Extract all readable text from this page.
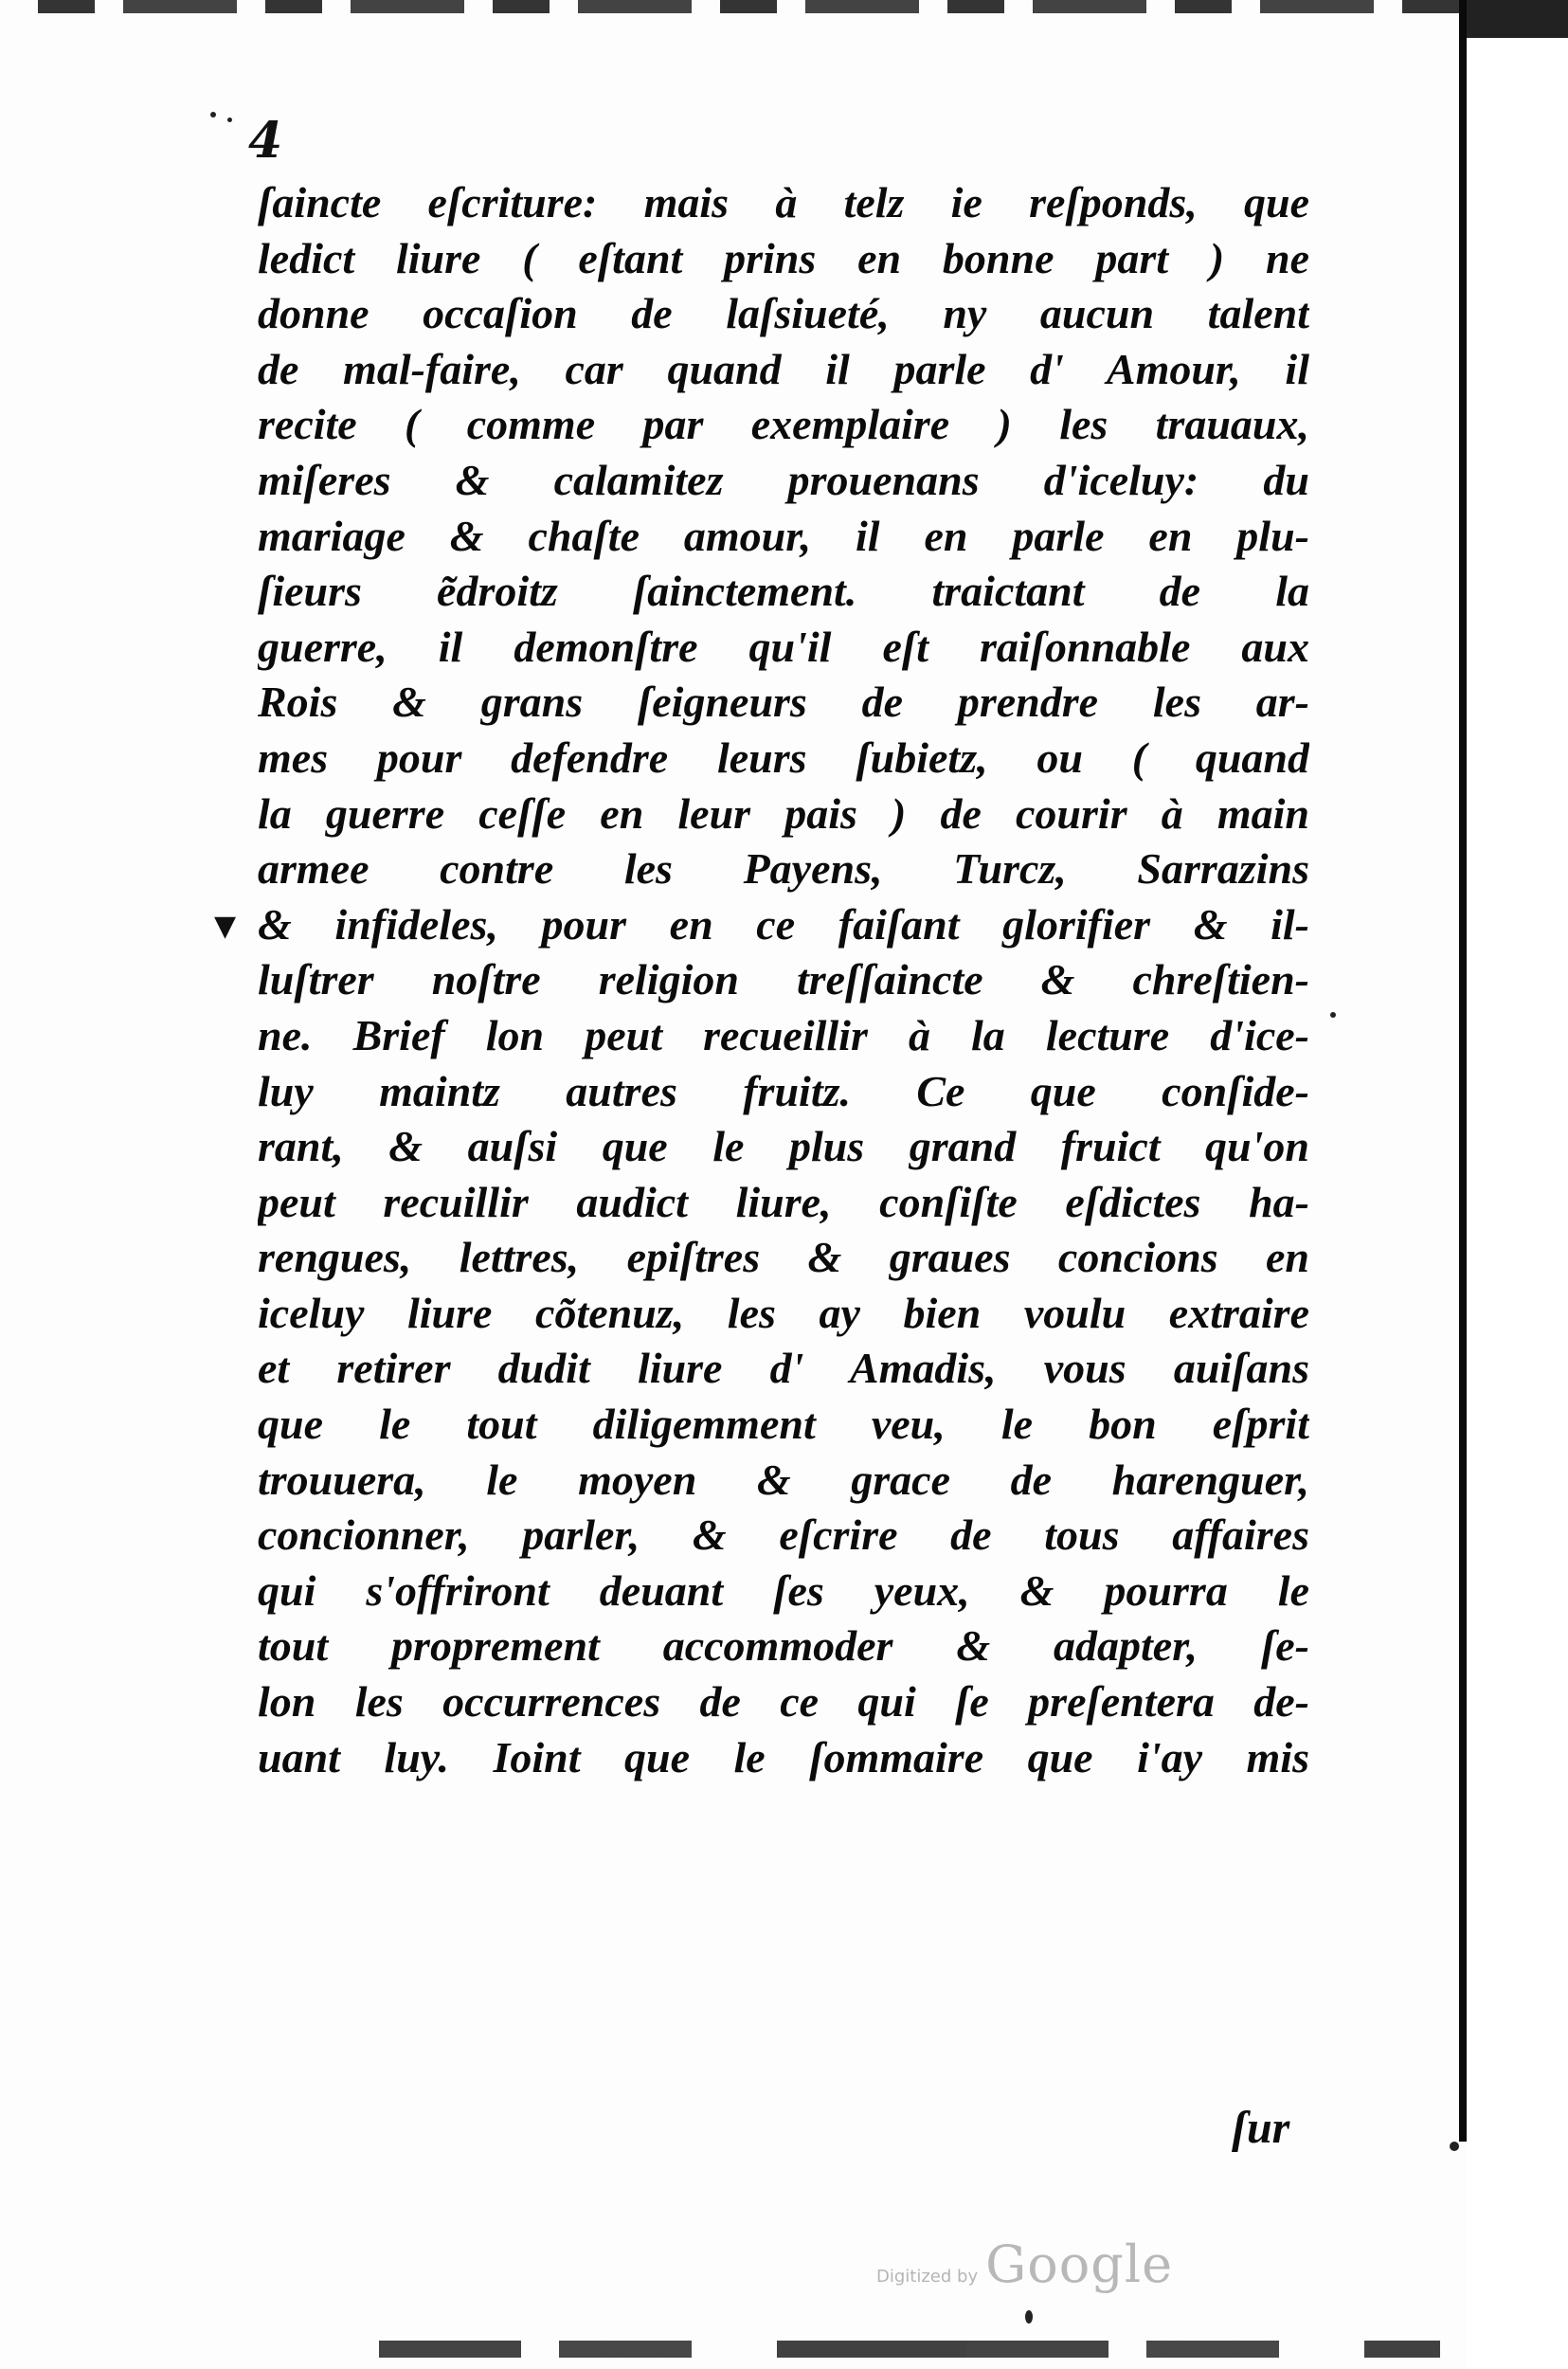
4
▼
ſaincte eſcriture: mais à telz ie reſponds, que
ledict liure ( eſtant prins en bonne part ) ne
donne occaſion de laſsiueté, ny aucun talent
de mal-faire, car quand il parle d' Amour, il
recite ( comme par exemplaire ) les trauaux,
miſeres & calamitez prouenans d'iceluy: du
mariage & chaſte amour, il en parle en plu-
ſieurs ẽdroitz ſainctement. traictant de la
guerre, il demonſtre qu'il eſt raiſonnable aux
Rois & grans ſeigneurs de prendre les ar-
mes pour defendre leurs ſubietz, ou ( quand
la guerre ceſſe en leur pais ) de courir à main
armee contre les Payens, Turcz, Sarrazins
& infideles, pour en ce faiſant glorifier & il-
luſtrer noſtre religion treſſaincte & chreſtien-
ne. Brief lon peut recueillir à la lecture d'ice-
luy maintz autres fruitz. Ce que conſide-
rant, & auſsi que le plus grand fruict qu'on
peut recuillir audict liure, conſiſte eſdictes ha-
rengues, lettres, epiſtres & graues concions en
iceluy liure cõtenuz, les ay bien voulu extraire
et retirer dudit liure d' Amadis, vous auiſans
que le tout diligemment veu, le bon eſprit
trouuera, le moyen & grace de harenguer,
concionner, parler, & eſcrire de tous affaires
qui s'offriront deuant ſes yeux, & pourra le
tout proprement accommoder & adapter, ſe-
lon les occurrences de ce qui ſe preſentera de-
uant luy. Ioint que le ſommaire que i'ay mis
ſur
Digitized by Google
